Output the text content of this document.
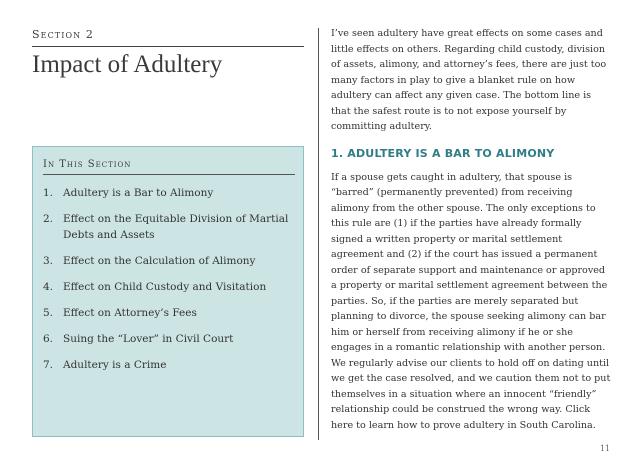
Section 2
Impact of Adultery
In This Section
1. Adultery is a Bar to Alimony
2. Effect on the Equitable Division of Martial Debts and Assets
3. Effect on the Calculation of Alimony
4. Effect on Child Custody and Visitation
5. Effect on Attorney’s Fees
6. Suing the “Lover” in Civil Court
7. Adultery is a Crime

I’ve seen adultery have great effects on some cases and little effects on others. Regarding child custody, division of assets, alimony, and attorney’s fees, there are just too many factors in play to give a blanket rule on how adultery can affect any given case. The bottom line is that the safest route is to not expose yourself by committing adultery.

1. ADULTERY IS A BAR TO ALIMONY

If a spouse gets caught in adultery, that spouse is “barred” (permanently prevented) from receiving alimony from the other spouse. The only exceptions to this rule are (1) if the parties have already formally signed a written property or marital settlement agreement and (2) if the court has issued a permanent order of separate support and maintenance or approved a property or marital settlement agreement between the parties. So, if the parties are merely separated but planning to divorce, the spouse seeking alimony can bar him or herself from receiving alimony if he or she engages in a romantic relationship with another person. We regularly advise our clients to hold off on dating until we get the case resolved, and we caution them not to put themselves in a situation where an innocent “friendly” relationship could be construed the wrong way. Click here to learn how to prove adultery in South Carolina.

11
